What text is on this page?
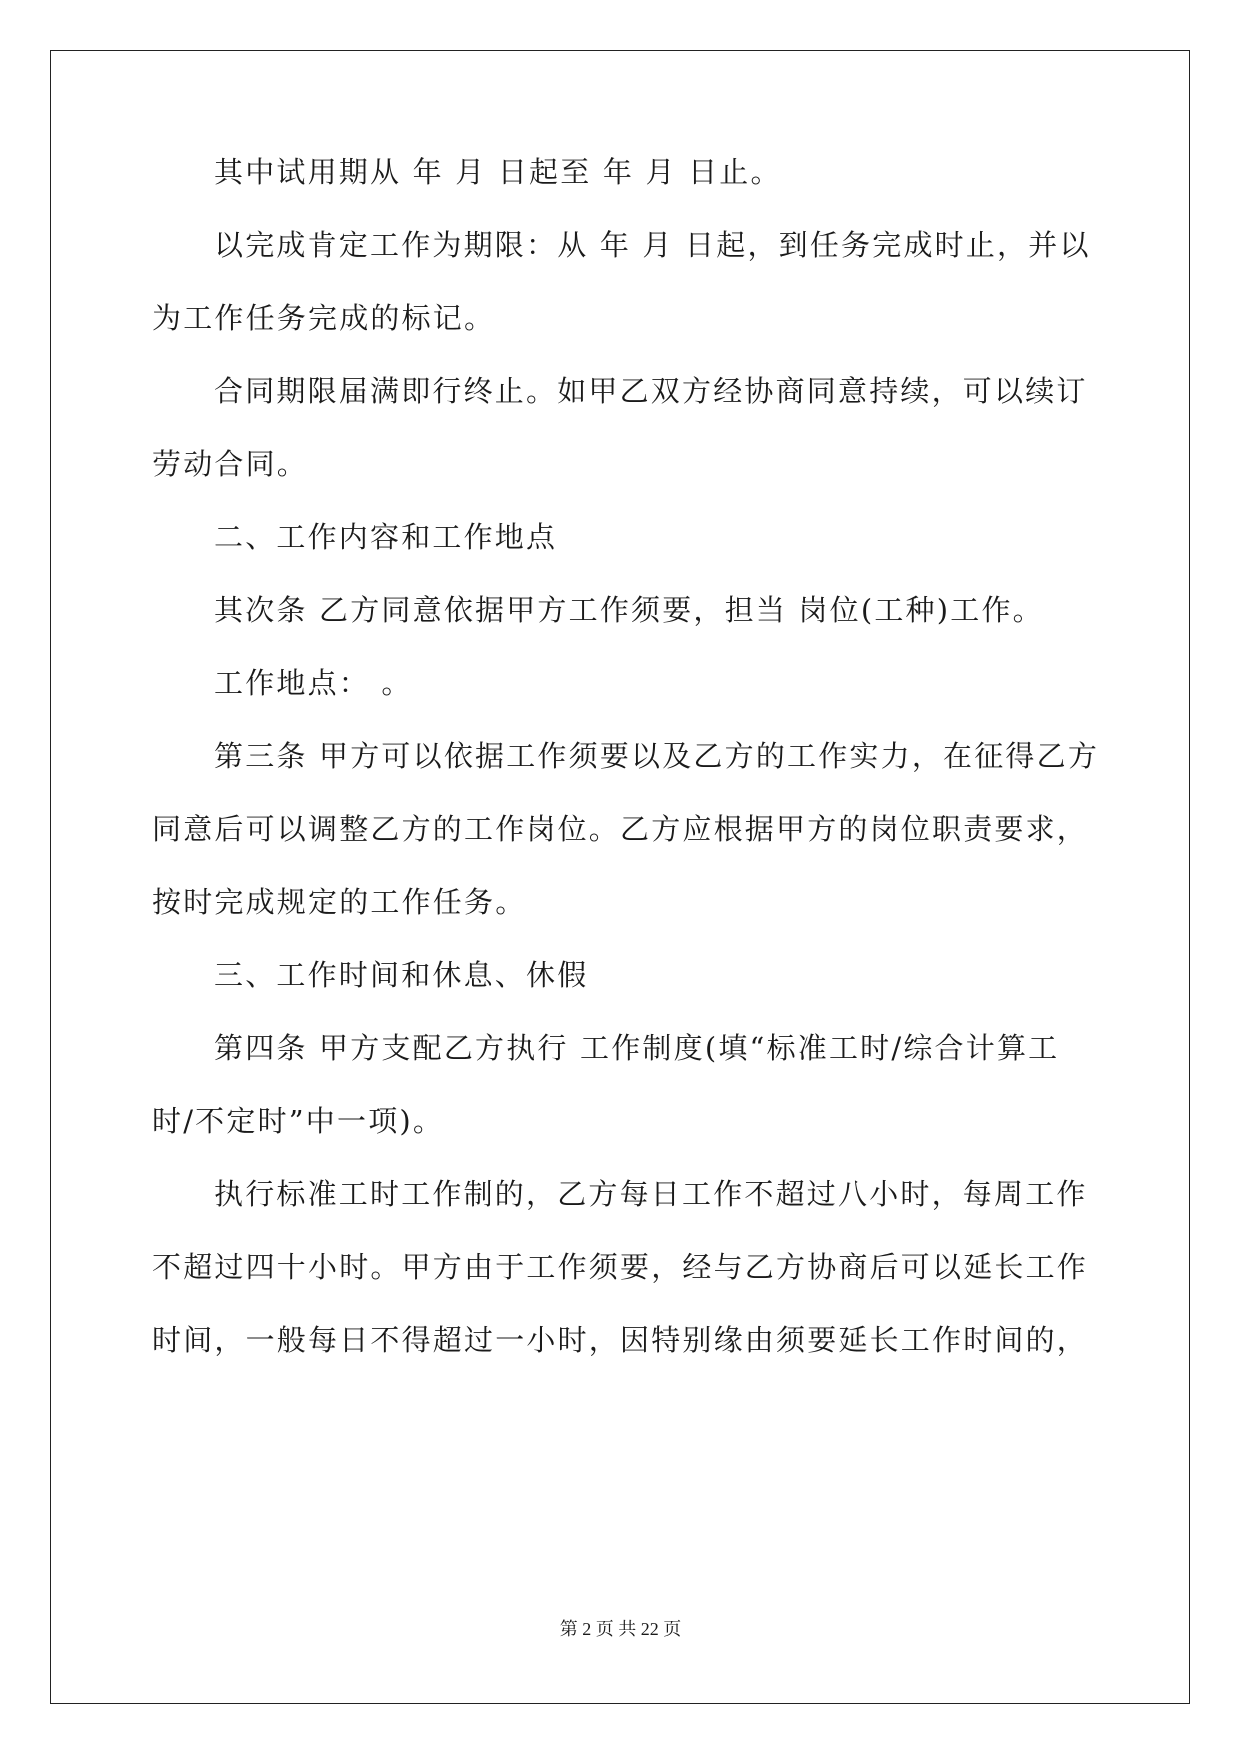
其中试用期从 年 月 日起至 年 月 日止。
以完成肯定工作为期限：从 年 月 日起，到任务完成时止，并以
为工作任务完成的标记。
合同期限届满即行终止。如甲乙双方经协商同意持续，可以续订
劳动合同。
二、工作内容和工作地点
其次条 乙方同意依据甲方工作须要，担当 岗位(工种)工作。
工作地点： 。
第三条 甲方可以依据工作须要以及乙方的工作实力，在征得乙方
同意后可以调整乙方的工作岗位。乙方应根据甲方的岗位职责要求，
按时完成规定的工作任务。
三、工作时间和休息、休假
第四条 甲方支配乙方执行 工作制度(填“标准工时/综合计算工
时/不定时”中一项)。
执行标准工时工作制的，乙方每日工作不超过八小时，每周工作
不超过四十小时。甲方由于工作须要，经与乙方协商后可以延长工作
时间，一般每日不得超过一小时，因特别缘由须要延长工作时间的，
第 2 页 共 22 页
